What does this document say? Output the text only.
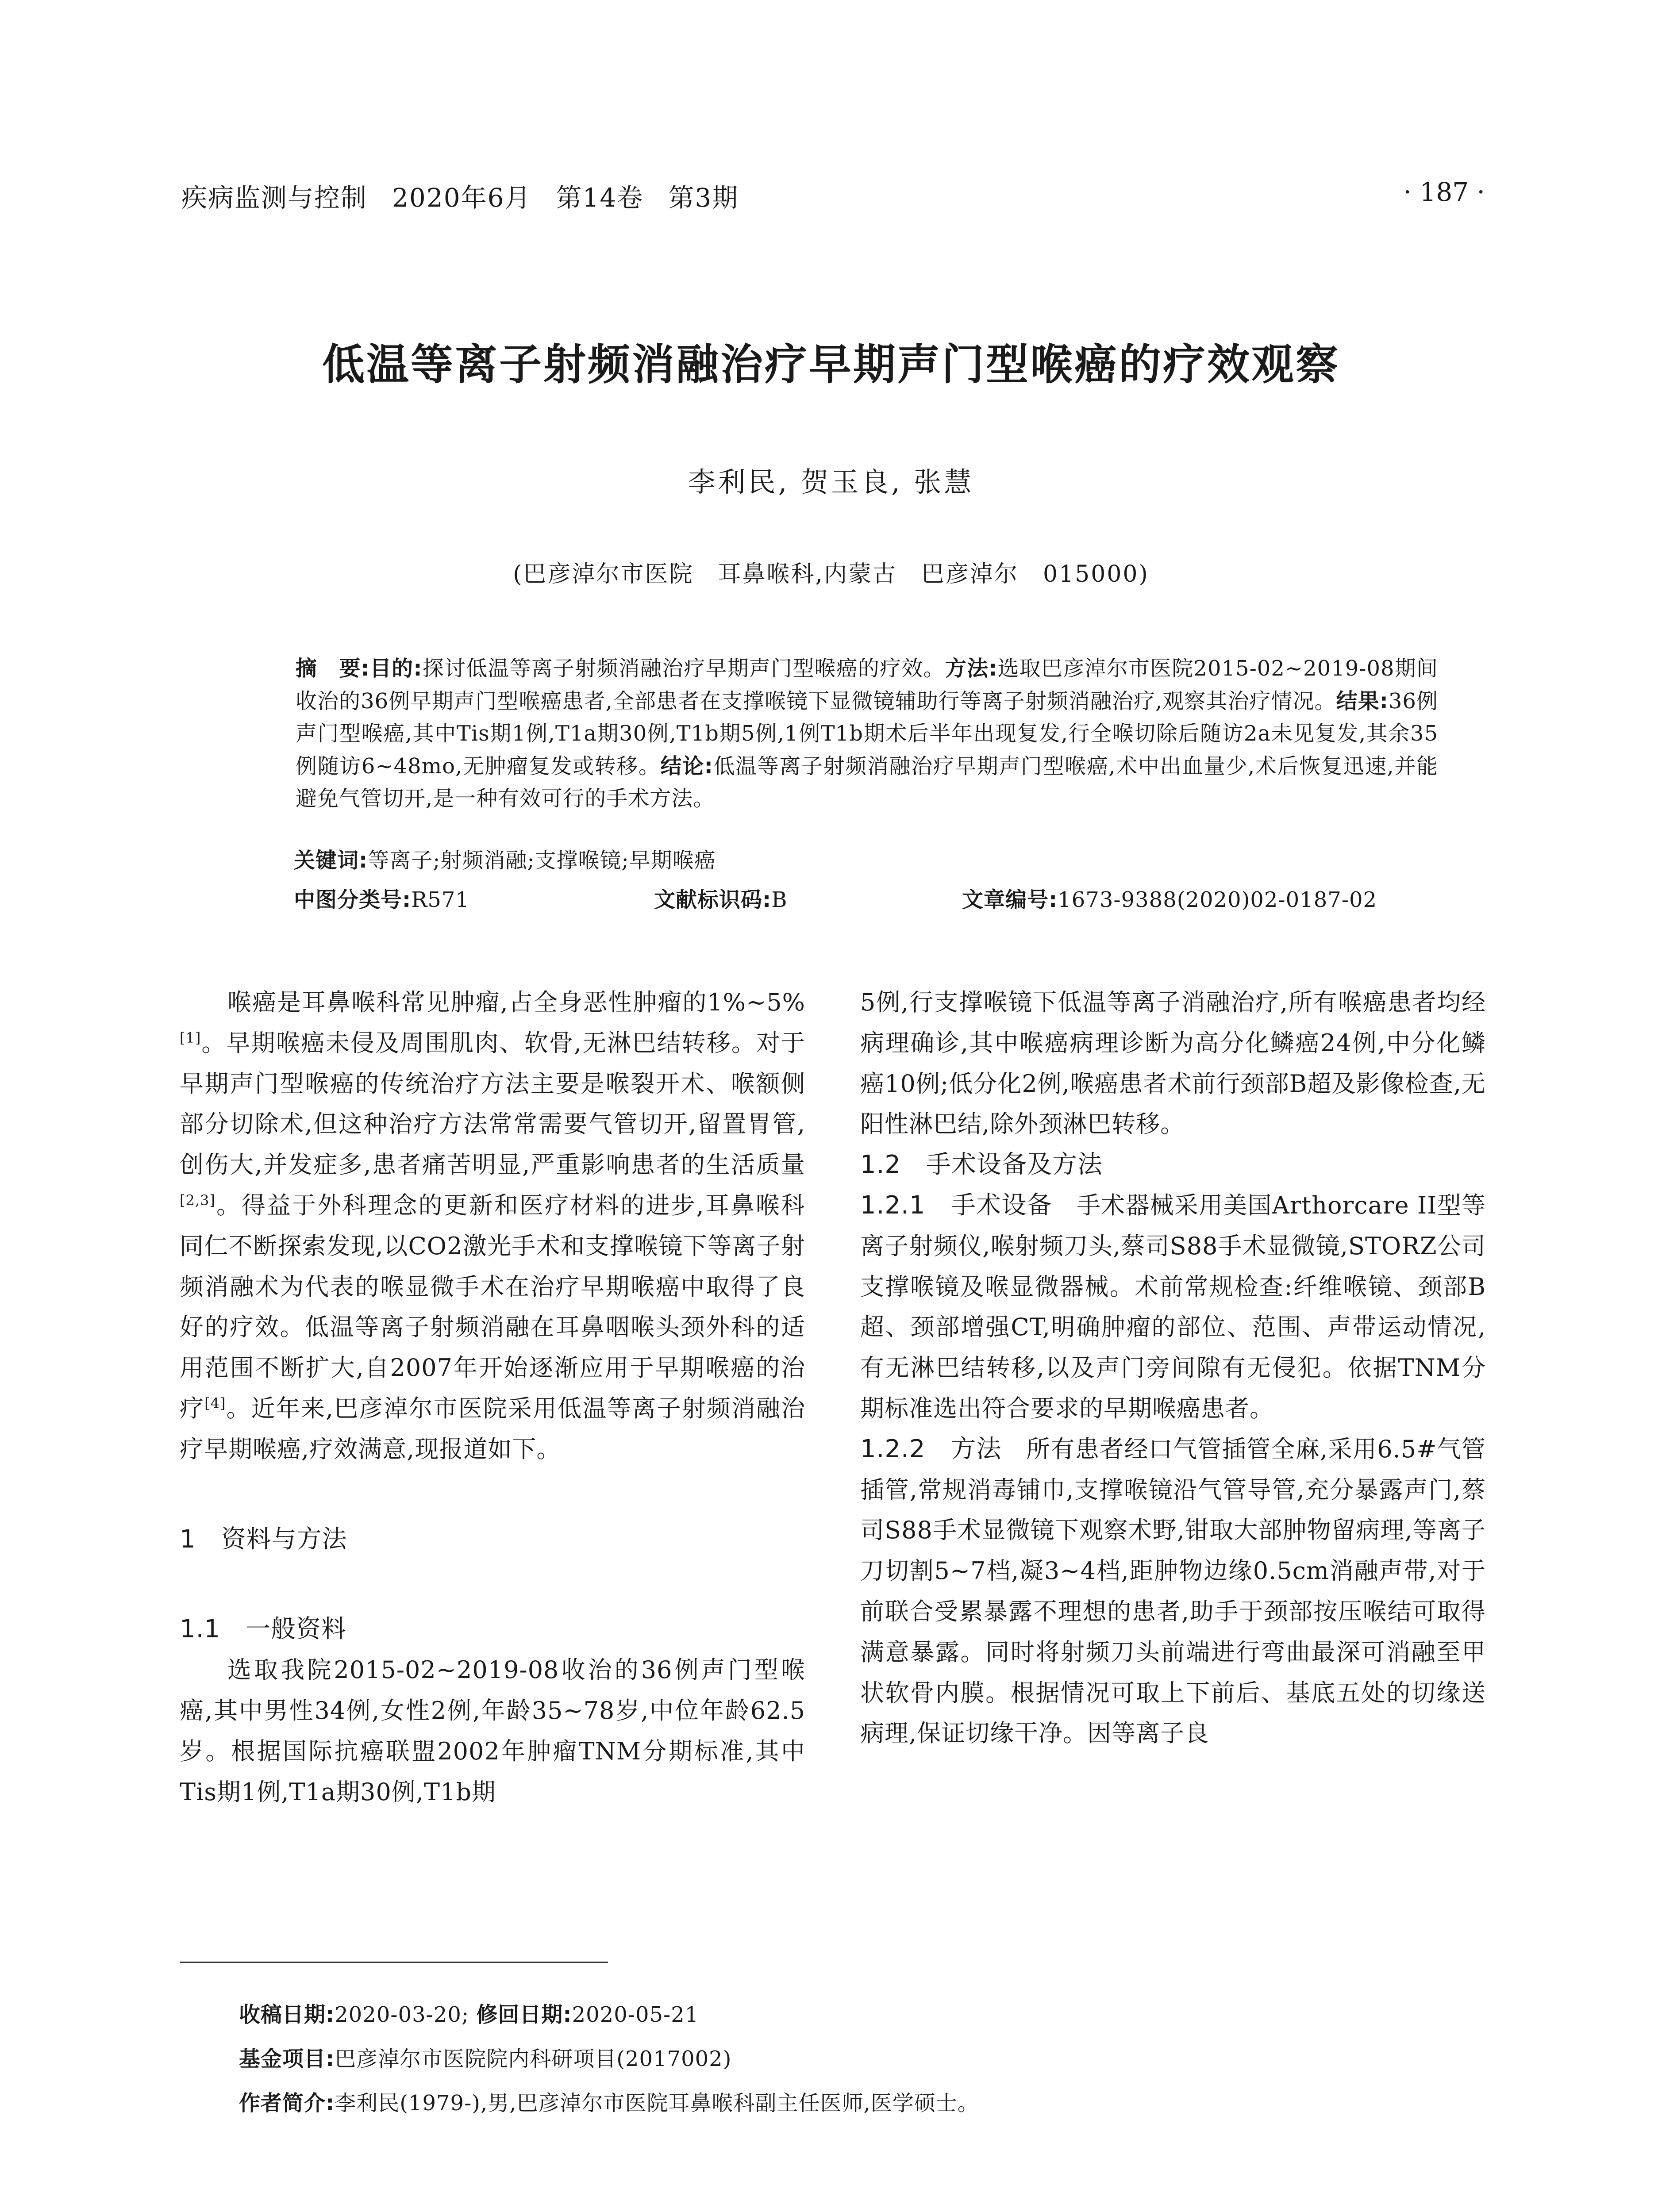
疾病监测与控制 2020年6月 第14卷 第3期	· 187 ·
低温等离子射频消融治疗早期声门型喉癌的疗效观察
李利民, 贺玉良, 张慧
(巴彦淖尔市医院　耳鼻喉科,内蒙古　巴彦淖尔　015000)

摘　要:目的:探讨低温等离子射频消融治疗早期声门型喉癌的疗效。方法:选取巴彦淖尔市医院2015-02~2019-08期间收治的36例早期声门型喉癌患者,全部患者在支撑喉镜下显微镜辅助行等离子射频消融治疗,观察其治疗情况。结果:36例声门型喉癌,其中Tis期1例,T1a期30例,T1b期5例,1例T1b期术后半年出现复发,行全喉切除后随访2a未见复发,其余35例随访6~48mo,无肿瘤复发或转移。结论:低温等离子射频消融治疗早期声门型喉癌,术中出血量少,术后恢复迅速,并能避免气管切开,是一种有效可行的手术方法。

关键词:等离子;射频消融;支撑喉镜;早期喉癌
中图分类号:R571	文献标识码:B	文章编号:1673-9388(2020)02-0187-02

喉癌是耳鼻喉科常见肿瘤,占全身恶性肿瘤的1%~5%[1]。早期喉癌未侵及周围肌肉、软骨,无淋巴结转移。对于早期声门型喉癌的传统治疗方法主要是喉裂开术、喉额侧部分切除术,但这种治疗方法常常需要气管切开,留置胃管,创伤大,并发症多,患者痛苦明显,严重影响患者的生活质量[2,3]。得益于外科理念的更新和医疗材料的进步,耳鼻喉科同仁不断探索发现,以CO2激光手术和支撑喉镜下等离子射频消融术为代表的喉显微手术在治疗早期喉癌中取得了良好的疗效。低温等离子射频消融在耳鼻咽喉头颈外科的适用范围不断扩大,自2007年开始逐渐应用于早期喉癌的治疗[4]。近年来,巴彦淖尔市医院采用低温等离子射频消融治疗早期喉癌,疗效满意,现报道如下。

1　资料与方法

1.1　一般资料

选取我院2015-02~2019-08收治的36例声门型喉癌,其中男性34例,女性2例,年龄35~78岁,中位年龄62.5岁。根据国际抗癌联盟2002年肿瘤TNM分期标准,其中Tis期1例,T1a期30例,T1b期

5例,行支撑喉镜下低温等离子消融治疗,所有喉癌患者均经病理确诊,其中喉癌病理诊断为高分化鳞癌24例,中分化鳞癌10例;低分化2例,喉癌患者术前行颈部B超及影像检查,无阳性淋巴结,除外颈淋巴转移。

1.2　手术设备及方法

1.2.1　手术设备　 手术器械采用美国Arthorcare II型等离子射频仪,喉射频刀头,蔡司S88手术显微镜,STORZ公司支撑喉镜及喉显微器械。术前常规检查:纤维喉镜、颈部B超、颈部增强CT,明确肿瘤的部位、范围、声带运动情况,有无淋巴结转移,以及声门旁间隙有无侵犯。依据TNM分期标准选出符合要求的早期喉癌患者。

1.2.2　方法　 所有患者经口气管插管全麻,采用6.5#气管插管,常规消毒铺巾,支撑喉镜沿气管导管,充分暴露声门,蔡司S88手术显微镜下观察术野,钳取大部肿物留病理,等离子刀切割5~7档,凝3~4档,距肿物边缘0.5cm消融声带,对于前联合受累暴露不理想的患者,助手于颈部按压喉结可取得满意暴露。同时将射频刀头前端进行弯曲最深可消融至甲状软骨内膜。根据情况可取上下前后、基底五处的切缘送病理,保证切缘干净。因等离子良

收稿日期:2020-03-20; 修回日期:2020-05-21

基金项目:巴彦淖尔市医院院内科研项目(2017002)

作者简介:李利民(1979-),男,巴彦淖尔市医院耳鼻喉科副主任医师,医学硕士。
